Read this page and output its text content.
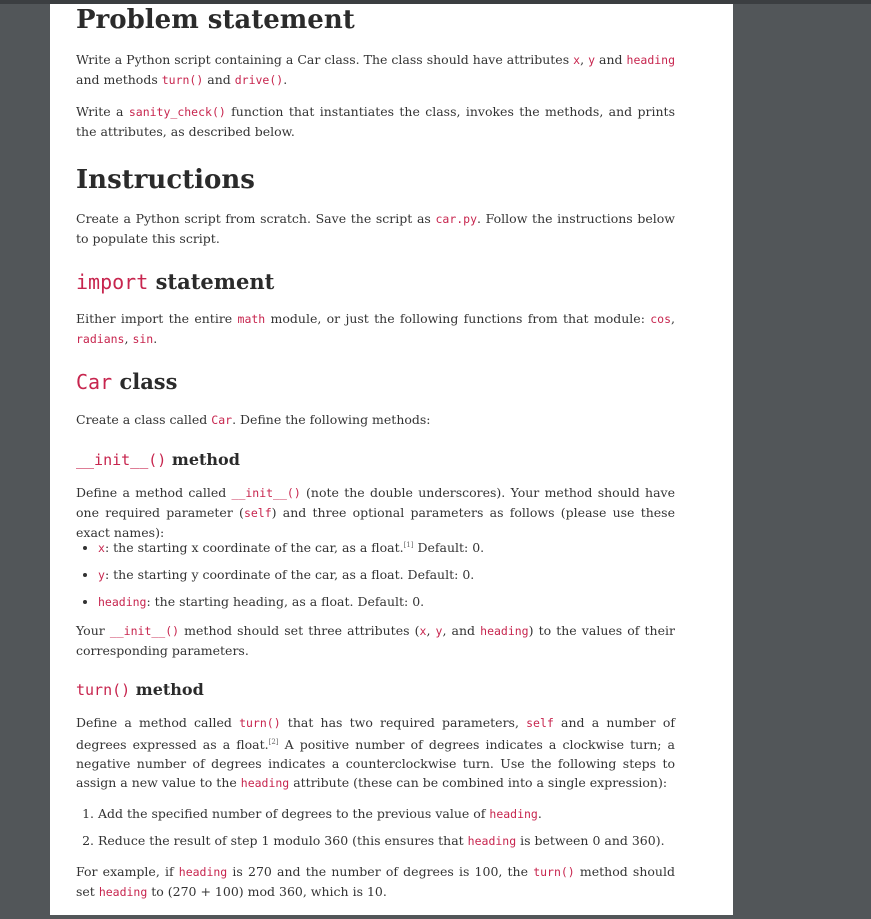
Problem statement

Write a Python script containing a Car class. The class should have attributes x, y and heading and methods turn() and drive().

Write a sanity_check() function that instantiates the class, invokes the methods, and prints the attributes, as described below.

Instructions

Create a Python script from scratch. Save the script as car.py. Follow the instructions below to populate this script.

import statement

Either import the entire math module, or just the following functions from that module: cos, radians, sin.

Car class

Create a class called Car. Define the following methods:

__init__() method

Define a method called __init__() (note the double underscores). Your method should have one required parameter (self) and three optional parameters as follows (please use these exact names):

• x: the starting x coordinate of the car, as a float.[1] Default: 0.
• y: the starting y coordinate of the car, as a float. Default: 0.
• heading: the starting heading, as a float. Default: 0.

Your __init__() method should set three attributes (x, y, and heading) to the values of their corresponding parameters.

turn() method

Define a method called turn() that has two required parameters, self and a number of degrees expressed as a float.[2] A positive number of degrees indicates a clockwise turn; a negative number of degrees indicates a counterclockwise turn. Use the following steps to assign a new value to the heading attribute (these can be combined into a single expression):

1. Add the specified number of degrees to the previous value of heading.
2. Reduce the result of step 1 modulo 360 (this ensures that heading is between 0 and 360).

For example, if heading is 270 and the number of degrees is 100, the turn() method should set heading to (270 + 100) mod 360, which is 10.
